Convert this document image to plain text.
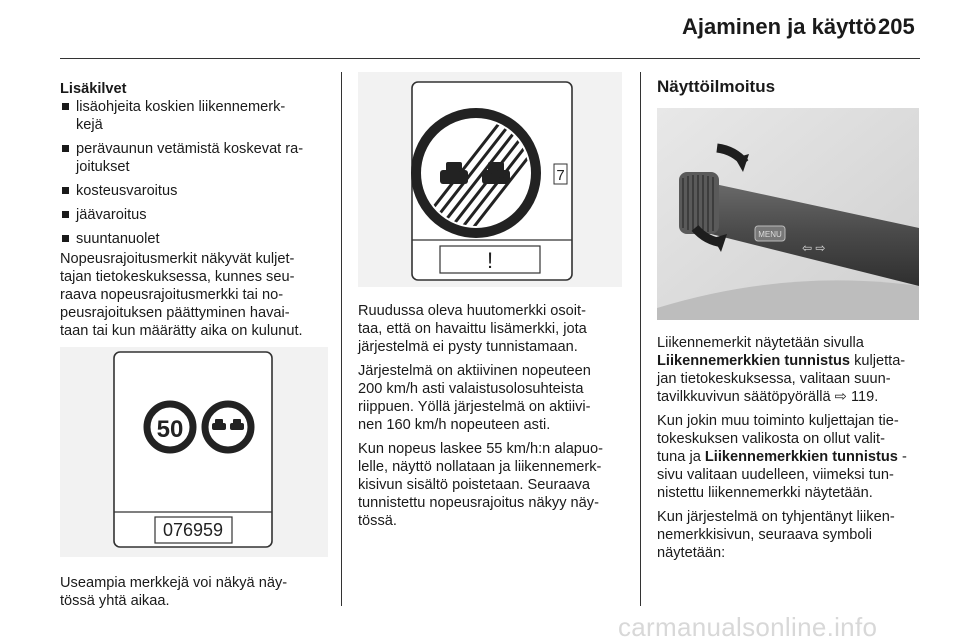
Ajaminen ja käyttö 205
Lisäkilvet
lisäohjeita koskien liikennemerk-
kejä
perävaunun vetämistä koskevat ra-
joitukset
kosteusvaroitus
jäävaroitus
suuntanuolet

Nopeusrajoitusmerkit näkyvät kuljet-
tajan tietokeskuksessa, kunnes seu-
raava nopeusrajoitusmerkki tai no-
peusrajoituksen päättyminen havai-
taan tai kun määrätty aika on kulunut.

50
076959

Useampia merkkejä voi näkyä näy-
tössä yhtä aikaa.

7
!

Ruudussa oleva huutomerkki osoit-
taa, että on havaittu lisämerkki, jota
järjestelmä ei pysty tunnistamaan.

Järjestelmä on aktiivinen nopeuteen
200 km/h asti valaistusolosuhteista
riippuen. Yöllä järjestelmä on aktiivi-
nen 160 km/h nopeuteen asti.

Kun nopeus laskee 55 km/h:n alapuo-
lelle, näyttö nollataan ja liikennemerk-
kisivun sisältö poistetaan. Seuraava
tunnistettu nopeusrajoitus näkyy näy-
tössä.

Näyttöilmoitus
MENU
⇦ ⇨

Liikennemerkit näytetään sivulla
Liikennemerkkien tunnistus kuljetta-
jan tietokeskuksessa, valitaan suun-
tavilkkuvivun säätöpyörällä ⇨ 119.

Kun jokin muu toiminto kuljettajan tie-
tokeskuksen valikosta on ollut valit-
tuna ja Liikennemerkkien tunnistus -
sivu valitaan uudelleen, viimeksi tun-
nistettu liikennemerkki näytetään.

Kun järjestelmä on tyhjentänyt liiken-
nemerkkisivun, seuraava symboli
näytetään:

carmanualsonline.info
